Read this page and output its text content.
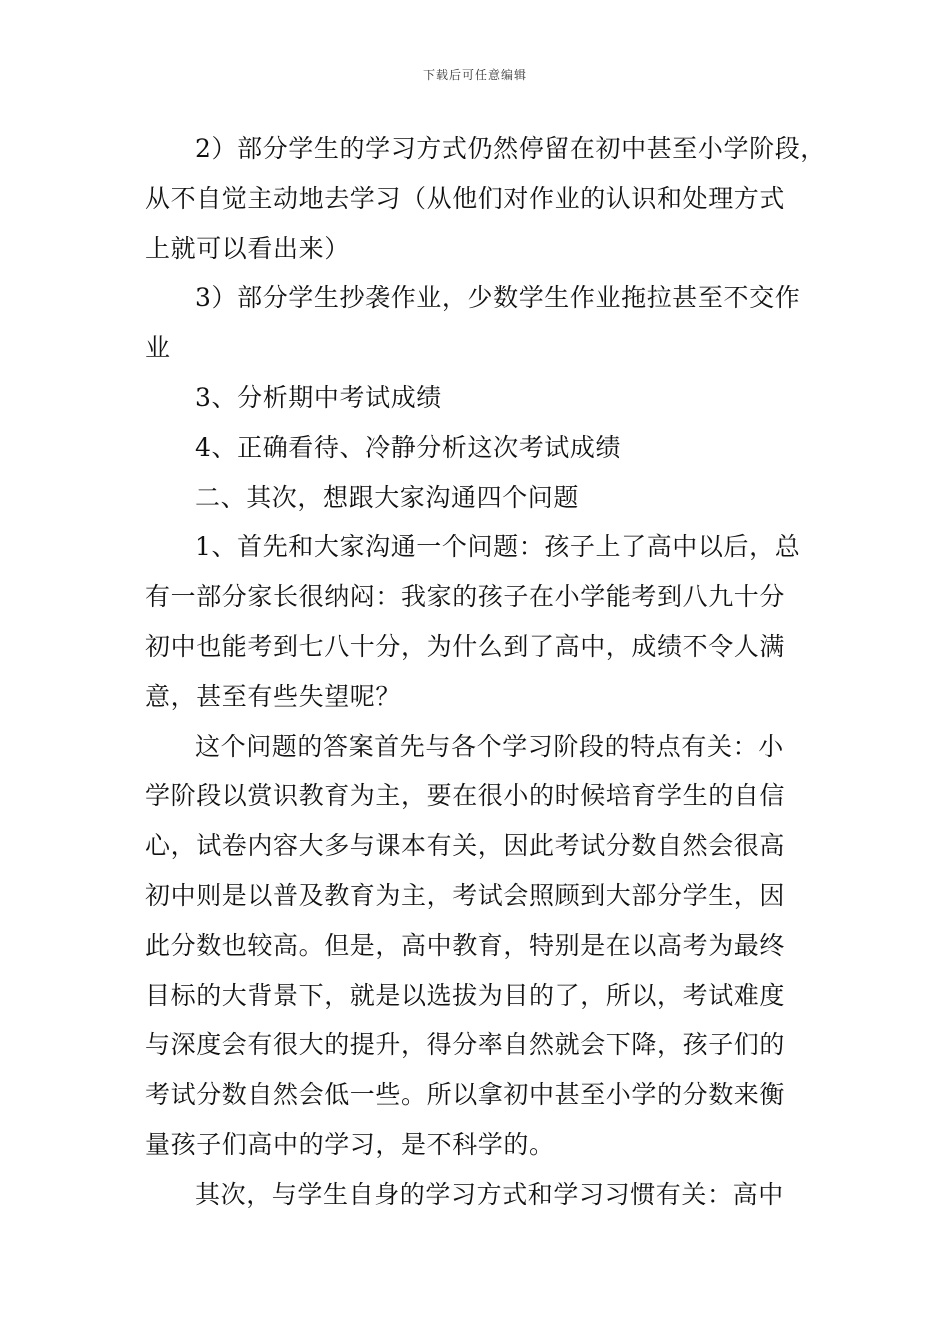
下载后可任意编辑
2）部分学生的学习方式仍然停留在初中甚至小学阶段，
从不自觉主动地去学习（从他们对作业的认识和处理方式
上就可以看出来）
3）部分学生抄袭作业，少数学生作业拖拉甚至不交作
业
3、分析期中考试成绩
4、正确看待、冷静分析这次考试成绩
二、其次，想跟大家沟通四个问题
1、首先和大家沟通一个问题：孩子上了高中以后，总
有一部分家长很纳闷：我家的孩子在小学能考到八九十分
初中也能考到七八十分，为什么到了高中，成绩不令人满
意，甚至有些失望呢？
这个问题的答案首先与各个学习阶段的特点有关：小
学阶段以赏识教育为主，要在很小的时候培育学生的自信
心，试卷内容大多与课本有关，因此考试分数自然会很高
初中则是以普及教育为主，考试会照顾到大部分学生，因
此分数也较高。但是，高中教育，特别是在以高考为最终
目标的大背景下，就是以选拔为目的了，所以，考试难度
与深度会有很大的提升，得分率自然就会下降，孩子们的
考试分数自然会低一些。所以拿初中甚至小学的分数来衡
量孩子们高中的学习，是不科学的。
其次，与学生自身的学习方式和学习习惯有关：高中
